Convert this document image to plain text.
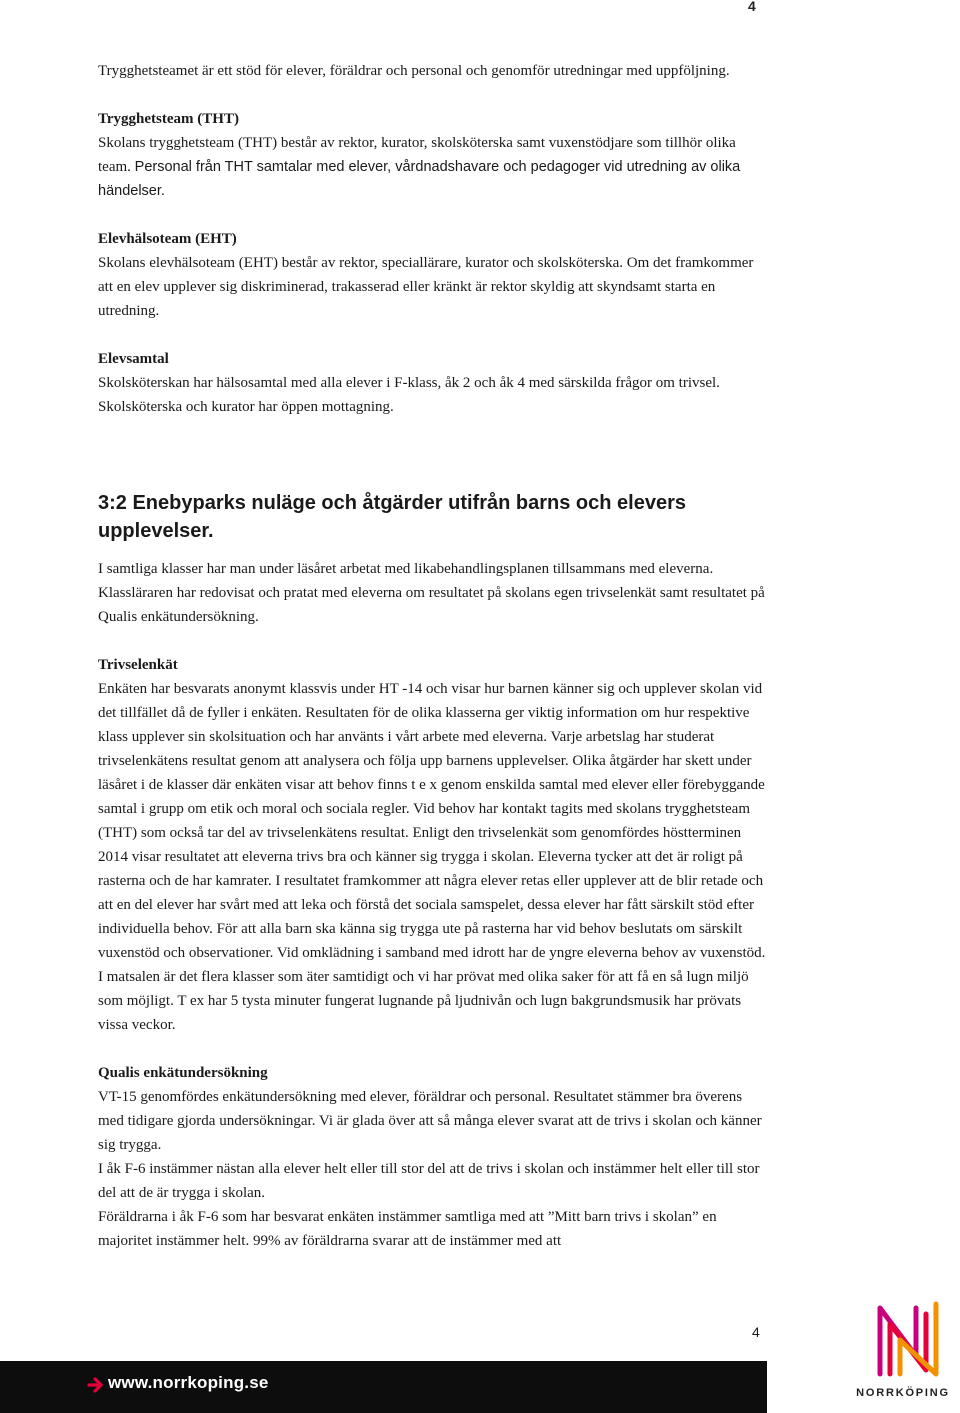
4

Trygghetsteamet är ett stöd för elever, föräldrar och personal och genomför utredningar med uppföljning.

Trygghetsteam (THT)

Skolans trygghetsteam (THT) består av rektor, kurator, skolsköterska samt vuxenstödjare som tillhör olika team. Personal från THT samtalar med elever, vårdnadshavare och pedagoger vid utredning av olika händelser.

Elevhälsoteam (EHT)

Skolans elevhälsoteam (EHT) består av rektor, speciallärare, kurator och skolsköterska. Om det framkommer att en elev upplever sig diskriminerad, trakasserad eller kränkt är rektor skyldig att skyndsamt starta en utredning.

Elevsamtal

Skolsköterskan har hälsosamtal med alla elever i F-klass, åk 2 och åk 4 med särskilda frågor om trivsel. Skolsköterska och kurator har öppen mottagning.

3:2 Enebyparks nuläge och åtgärder utifrån barns och elevers upplevelser.

I samtliga klasser har man under läsåret arbetat med likabehandlingsplanen tillsammans med eleverna. Klassläraren har redovisat och pratat med eleverna om resultatet på skolans egen trivselenkät samt resultatet på Qualis enkätundersökning.

Trivselenkät

Enkäten har besvarats anonymt klassvis under HT -14 och visar hur barnen känner sig och upplever skolan vid det tillfället då de fyller i enkäten. Resultaten för de olika klasserna ger viktig information om hur respektive klass upplever sin skolsituation och har använts i vårt arbete med eleverna. Varje arbetslag har studerat trivselenkätens resultat genom att analysera och följa upp barnens upplevelser. Olika åtgärder har skett under läsåret i de klasser där enkäten visar att behov finns t e x genom enskilda samtal med elever eller förebyggande samtal i grupp om etik och moral och sociala regler. Vid behov har kontakt tagits med skolans trygghetsteam (THT) som också tar del av trivselenkätens resultat. Enligt den trivselenkät som genomfördes höstterminen 2014 visar resultatet att eleverna trivs bra och känner sig trygga i skolan. Eleverna tycker att det är roligt på rasterna och de har kamrater. I resultatet framkommer att några elever retas eller upplever att de blir retade och att en del elever har svårt med att leka och förstå det sociala samspelet, dessa elever har fått särskilt stöd efter individuella behov. För att alla barn ska känna sig trygga ute på rasterna har vid behov beslutats om särskilt vuxenstöd och observationer. Vid omklädning i samband med idrott har de yngre eleverna behov av vuxenstöd. I matsalen är det flera klasser som äter samtidigt och vi har prövat med olika saker för att få en så lugn miljö som möjligt. T ex har 5 tysta minuter fungerat lugnande på ljudnivån och lugn bakgrundsmusik har prövats vissa veckor.

Qualis enkätundersökning

VT-15 genomfördes enkätundersökning med elever, föräldrar och personal. Resultatet stämmer bra överens med tidigare gjorda undersökningar. Vi är glada över att så många elever svarat att de trivs i skolan och känner sig trygga.

I åk F-6 instämmer nästan alla elever helt eller till stor del att de trivs i skolan och instämmer helt eller till stor del att de är trygga i skolan.

Föräldrarna i åk F-6 som har besvarat enkäten instämmer samtliga med att ”Mitt barn trivs i skolan” en majoritet instämmer helt. 99% av föräldrarna svarar att de instämmer med att

4
www.norrkoping.se
NORRKÖPING
